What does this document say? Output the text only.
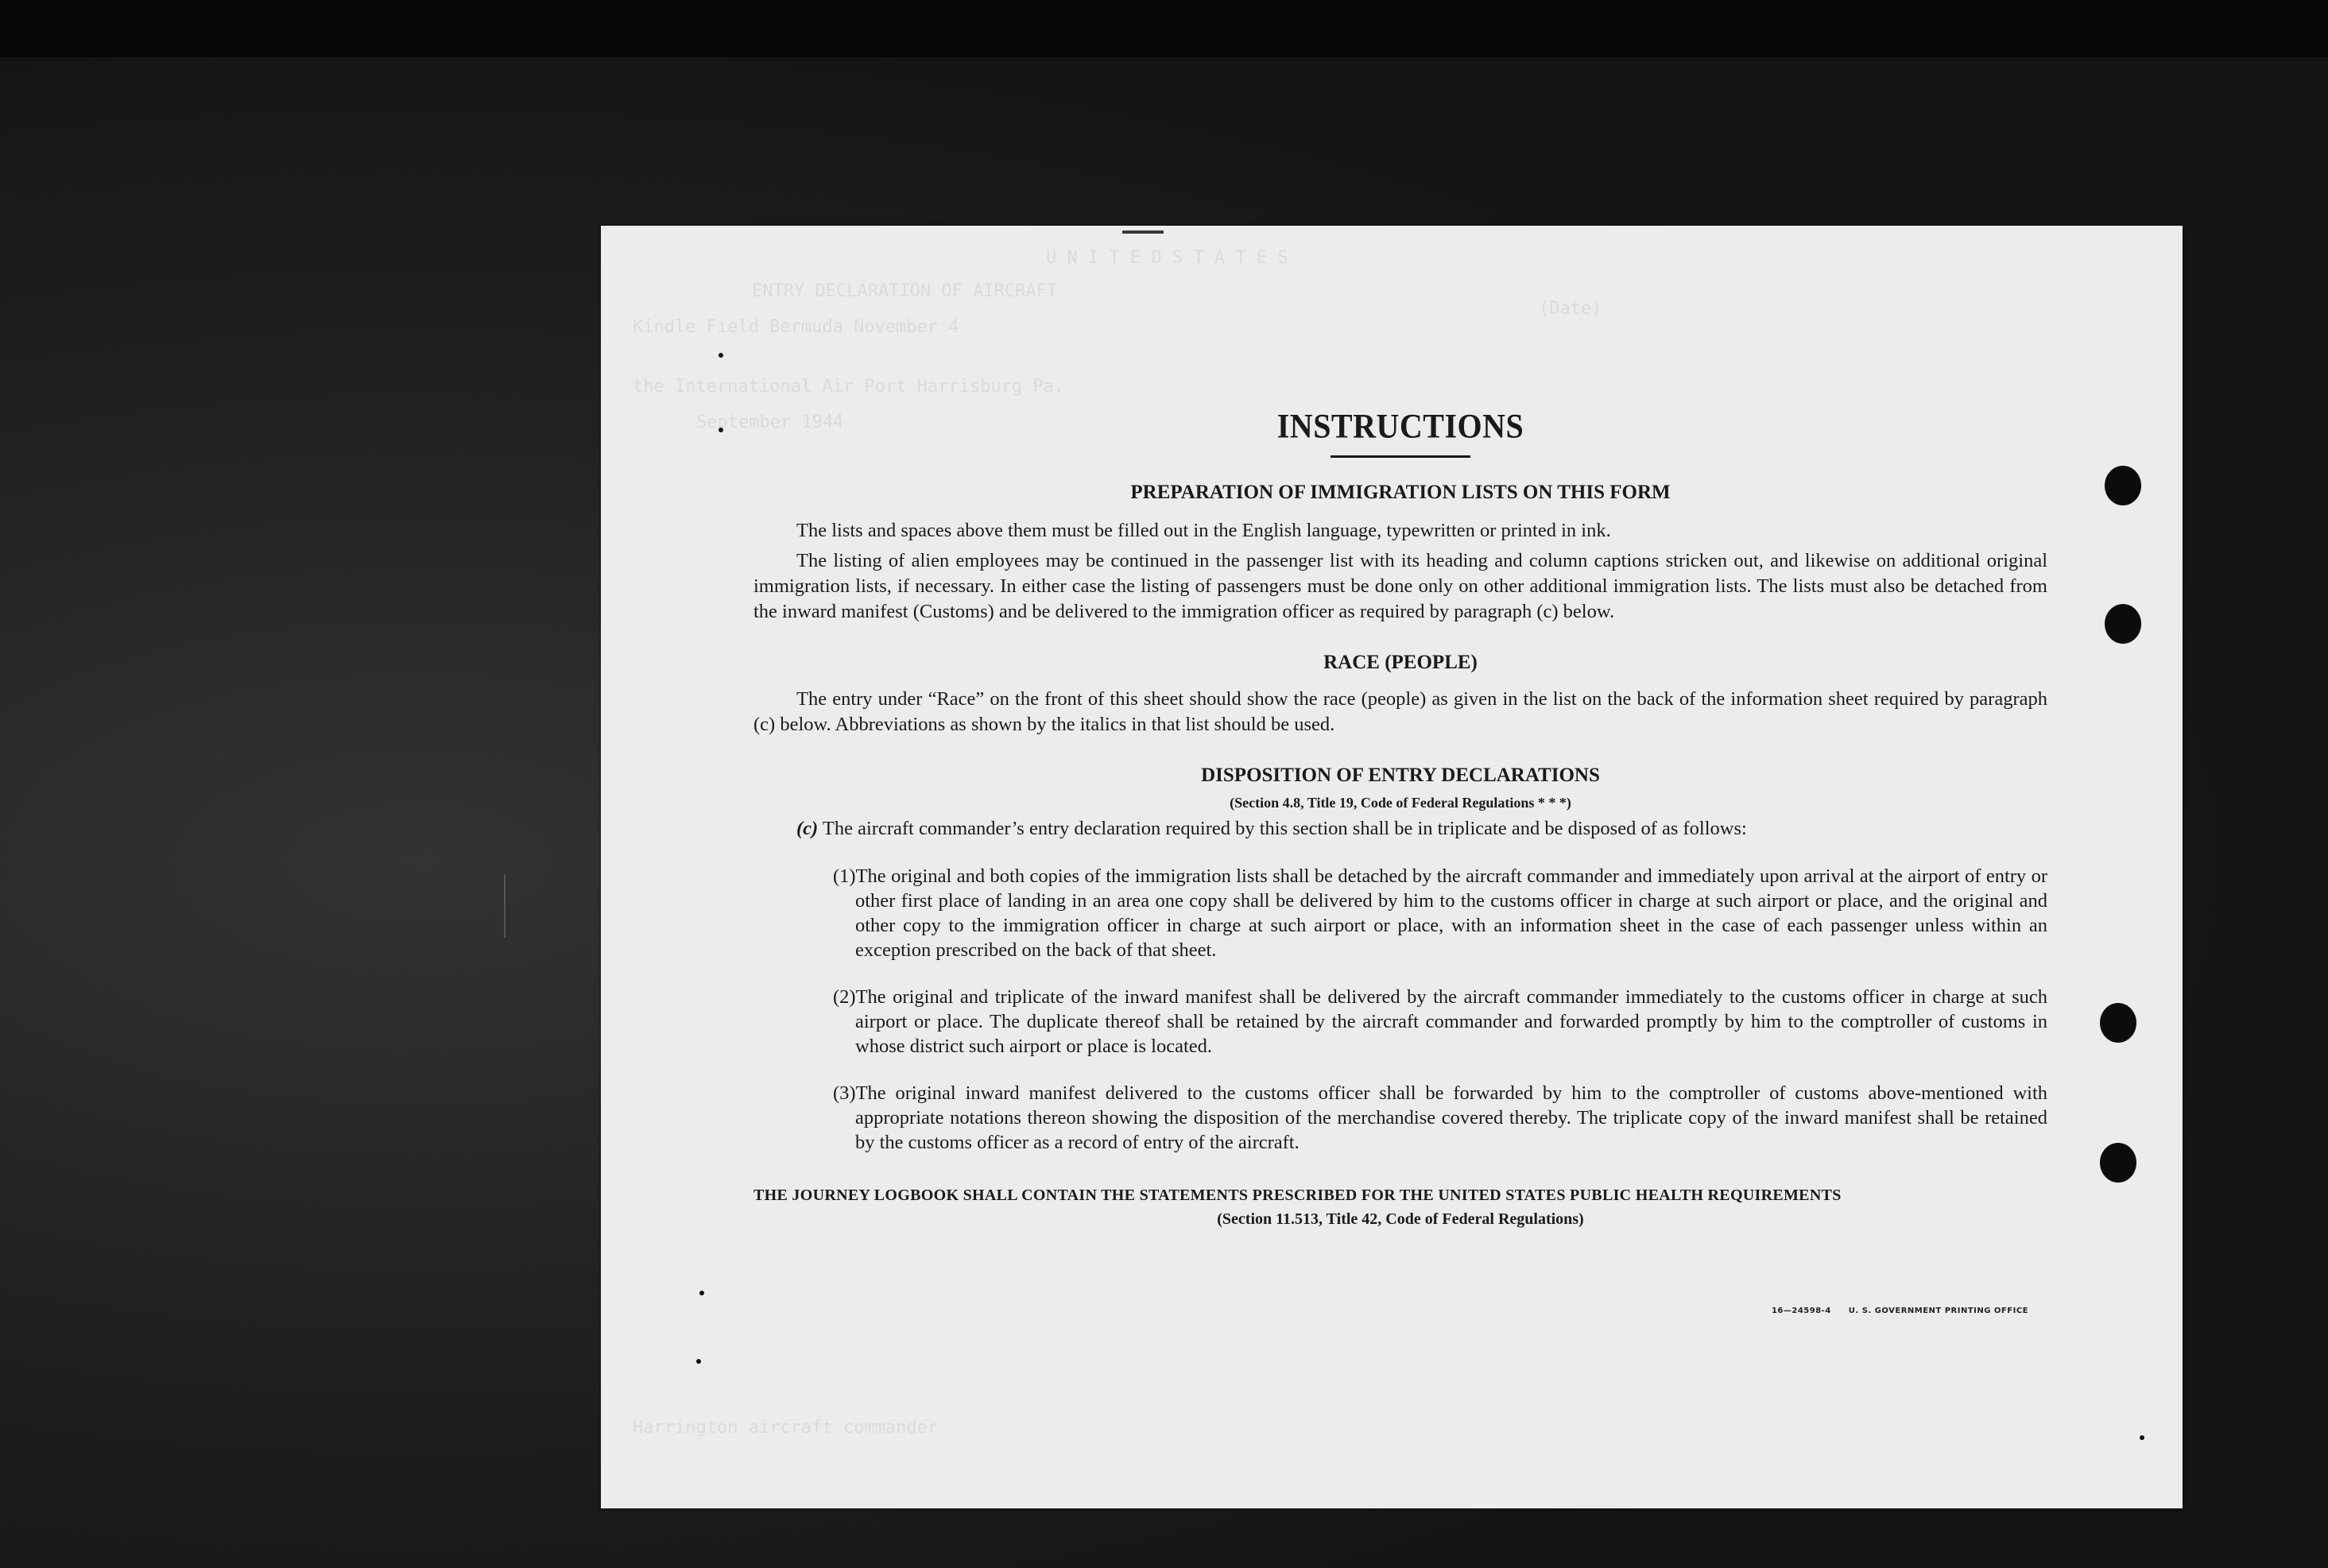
U N I T E D S T A T E S
ENTRY DECLARATION OF AIRCRAFT
Kindle Field Bermuda November 4
(Date)
the International Air Port Harrisburg Pa.
September 1944
Harrington aircraft commander
INSTRUCTIONS
PREPARATION OF IMMIGRATION LISTS ON THIS FORM

The lists and spaces above them must be filled out in the English language, typewritten or printed in ink.

The listing of alien employees may be continued in the passenger list with its heading and column captions stricken out, and likewise on additional original immigration lists, if necessary. In either case the listing of passengers must be done only on other additional immigration lists. The lists must also be detached from the inward manifest (Customs) and be delivered to the immigration officer as required by paragraph (c) below.

RACE (PEOPLE)

The entry under “Race” on the front of this sheet should show the race (people) as given in the list on the back of the information sheet required by paragraph (c) below. Abbreviations as shown by the italics in that list should be used.

DISPOSITION OF ENTRY DECLARATIONS

(Section 4.8, Title 19, Code of Federal Regulations * * *)

(c) The aircraft commander’s entry declaration required by this section shall be in triplicate and be disposed of as follows:

(1)The original and both copies of the immigration lists shall be detached by the aircraft commander and immediately upon arrival at the airport of entry or other first place of landing in an area one copy shall be delivered by him to the customs officer in charge at such airport or place, and the original and other copy to the immigration officer in charge at such airport or place, with an information sheet in the case of each passenger unless within an exception prescribed on the back of that sheet.

(2)The original and triplicate of the inward manifest shall be delivered by the aircraft commander immediately to the customs officer in charge at such airport or place. The duplicate thereof shall be retained by the aircraft commander and forwarded promptly by him to the comptroller of customs in whose district such airport or place is located.

(3)The original inward manifest delivered to the customs officer shall be forwarded by him to the comptroller of customs above-mentioned with appropriate notations thereon showing the disposition of the merchandise covered thereby. The triplicate copy of the inward manifest shall be retained by the customs officer as a record of entry of the aircraft.

THE JOURNEY LOGBOOK SHALL CONTAIN THE STATEMENTS PRESCRIBED FOR THE UNITED STATES PUBLIC HEALTH REQUIREMENTS

(Section 11.513, Title 42, Code of Federal Regulations)

16—24598-4 U. S. GOVERNMENT PRINTING OFFICE
